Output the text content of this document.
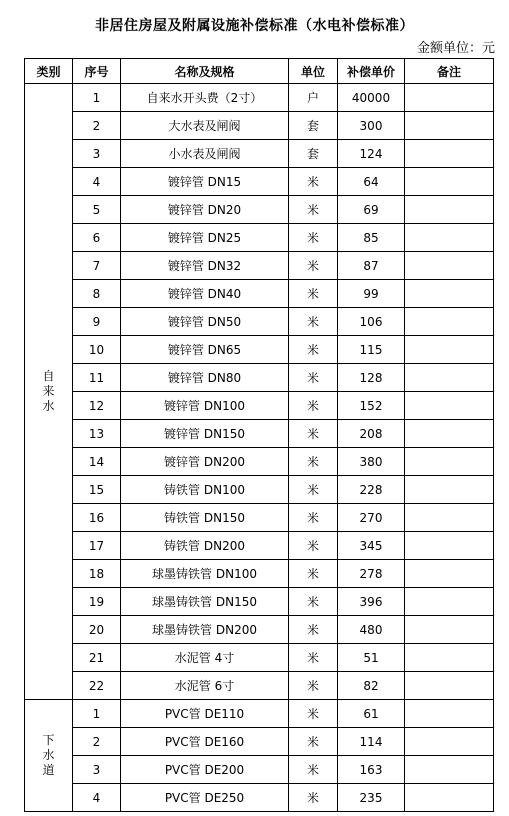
非居住房屋及附属设施补偿标准（水电补偿标准）
金额单位：元
类别	序号	名称及规格	单位	补偿单价	备注
自来水	1	自来水开头费（2寸）	户	40000	
	2	大水表及闸阀	套	300	
	3	小水表及闸阀	套	124	
	4	镀锌管 DN15	米	64	
	5	镀锌管 DN20	米	69	
	6	镀锌管 DN25	米	85	
	7	镀锌管 DN32	米	87	
	8	镀锌管 DN40	米	99	
	9	镀锌管 DN50	米	106	
	10	镀锌管 DN65	米	115	
	11	镀锌管 DN80	米	128	
	12	镀锌管 DN100	米	152	
	13	镀锌管 DN150	米	208	
	14	镀锌管 DN200	米	380	
	15	铸铁管 DN100	米	228	
	16	铸铁管 DN150	米	270	
	17	铸铁管 DN200	米	345	
	18	球墨铸铁管 DN100	米	278	
	19	球墨铸铁管 DN150	米	396	
	20	球墨铸铁管 DN200	米	480	
	21	水泥管 4寸	米	51	
	22	水泥管 6寸	米	82	
下水道	1	PVC管 DE110	米	61	
	2	PVC管 DE160	米	114	
	3	PVC管 DE200	米	163	
	4	PVC管 DE250	米	235	
